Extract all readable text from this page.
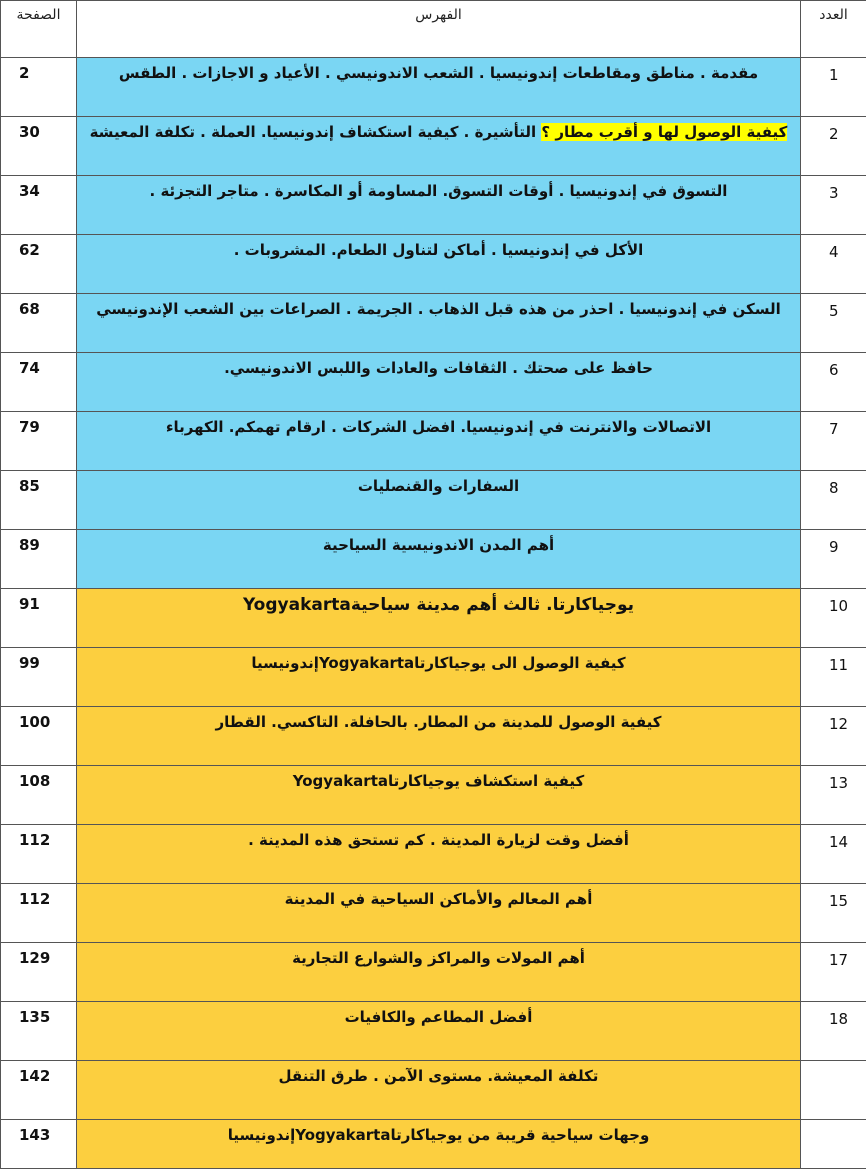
الصفحة	الفهرس	العدد
2	مقدمة . مناطق ومقاطعات إندونيسيا . الشعب الاندونيسي . الأعياد و الاجازات . الطقس	1
30	كيفية الوصول لها و أقرب مطار ؟ التأشيرة . كيفية استكشاف إندونيسيا. العملة . تكلفة المعيشة	2
34	التسوق في إندونيسيا . أوقات التسوق. المساومة أو المكاسرة . متاجر التجزئة .	3
62	الأكل في إندونيسيا . أماكن لتناول الطعام. المشروبات .	4
68	السكن في إندونيسيا . احذر من هذه قبل الذهاب . الجريمة . الصراعات بين الشعب الإندونيسي	5
74	حافظ على صحتك . الثقافات والعادات واللبس الاندونيسي.	6
79	الاتصالات والانترنت في إندونيسيا. افضل الشركات . ارقام تهمكم. الكهرباء	7
85	السفارات والقنصليات	8
89	أهم المدن الاندونيسية السياحية	9
91	يوجياكارتا. ثالث أهم مدينة سياحيةYogyakarta	10
99	كيفية الوصول الى يوجياكارتاYogyakartaإندونيسيا	11
100	كيفية الوصول للمدينة من المطار. بالحافلة. التاكسي. القطار	12
108	كيفية استكشاف يوجياكارتاYogyakarta	13
112	أفضل وقت لزيارة المدينة . كم تستحق هذه المدينة .	14
112	أهم المعالم والأماكن السياحية في المدينة	15
129	أهم المولات والمراكز والشوارع التجارية	17
135	أفضل المطاعم والكافيات	18
142	تكلفة المعيشة. مستوى الآمن . طرق التنقل	
143	وجهات سياحية قريبة من يوجياكارتاYogyakartaإندونيسيا	
